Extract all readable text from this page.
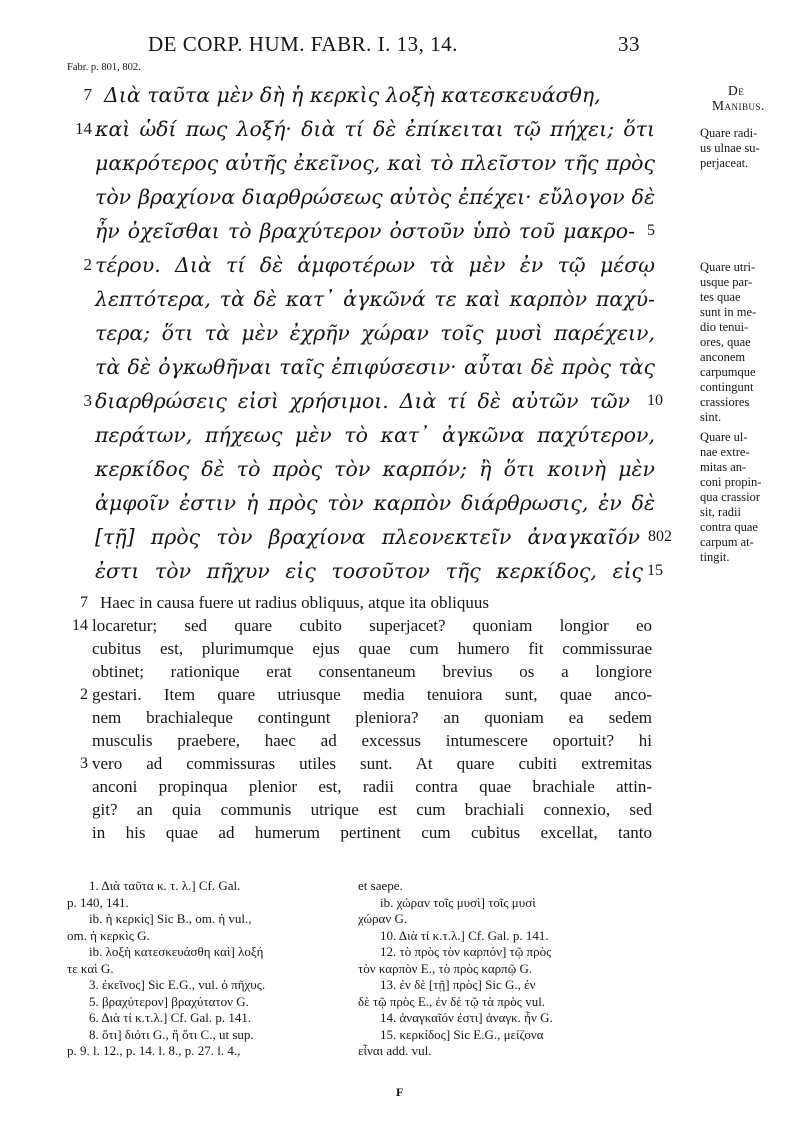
DE CORP. HUM. FABR. I. 13, 14.	33
Fabr. p. 801, 802.
Διὰ ταῦτα μὲν δὴ ἡ κερκὶς λοξὴ κατεσκευάσθη,
καὶ ὡδί πως λοξή· διὰ τί δὲ ἐπίκειται τῷ πήχει; ὅτι
μακρότερος αὐτῆς ἐκεῖνος, καὶ τὸ πλεῖστον τῆς πρὸς
τὸν βραχίονα διαρθρώσεως αὐτὸς ἐπέχει· εὔλογον δὲ
ἦν ὀχεῖσθαι τὸ βραχύτερον ὀστοῦν ὑπὸ τοῦ μακρο-
τέρου. Διὰ τί δὲ ἀμφοτέρων τὰ μὲν ἐν τῷ μέσῳ
λεπτότερα, τὰ δὲ κατ᾽ ἀγκῶνά τε καὶ καρπὸν παχύ-
τερα; ὅτι τὰ μὲν ἐχρῆν χώραν τοῖς μυσὶ παρέχειν,
τὰ δὲ ὀγκωθῆναι ταῖς ἐπιφύσεσιν· αὗται δὲ πρὸς τὰς
διαρθρώσεις εἰσὶ χρήσιμοι. Διὰ τί δὲ αὐτῶν τῶν
περάτων, πήχεως μὲν τὸ κατ᾽ ἀγκῶνα παχύτερον,
κερκίδος δὲ τὸ πρὸς τὸν καρπόν; ἢ ὅτι κοινὴ μὲν
ἀμφοῖν ἐστιν ἡ πρὸς τὸν καρπὸν διάρθρωσις, ἐν δὲ
[τῇ] πρὸς τὸν βραχίονα πλεονεκτεῖν ἀναγκαῖόν
ἐστι τὸν πῆχυν εἰς τοσοῦτον τῆς κερκίδος, εἰς
7
14
2
3
5
10
802
15
De
Manibus.
Quare radi-
us ulnae su-
perjaceat.
Quare utri-
usque par-
tes quae
sunt in me-
dio tenui-
ores, quae
anconem
carpumque
contingunt
crassiores
sint.
Quare ul-
nae extre-
mitas an-
coni propin-
qua crassior
sit, radii
contra quae
carpum at-
tingit.
Haec in causa fuere ut radius obliquus, atque ita obliquus
locaretur; sed quare cubito superjacet? quoniam longior eo
cubitus est, plurimumque ejus quae cum humero fit commissurae
obtinet; rationique erat consentaneum brevius os a longiore
gestari. Item quare utriusque media tenuiora sunt, quae anco-
nem brachialeque contingunt pleniora? an quoniam ea sedem
musculis praebere, haec ad excessus intumescere oportuit? hi
vero ad commissuras utiles sunt. At quare cubiti extremitas
anconi propinqua plenior est, radii contra quae brachiale attin-
git? an quia communis utrique est cum brachiali connexio, sed
in his quae ad humerum pertinent cum cubitus excellat, tanto
7
14
2
3
1. Διὰ ταῦτα κ. τ. λ.] Cf. Gal.
p. 140, 141.
ib. ἡ κερκὶς] Sic B., om. ἡ vul.,
om. ἡ κερκὶς G.
ib. λοξὴ κατεσκευάσθη καὶ] λοξή
τε καὶ G.
3. ἐκεῖνος] Sic E.G., vul. ὁ πῆχυς.
5. βραχύτερον] βραχύτατον G.
6. Διὰ τί κ.τ.λ.] Cf. Gal. p. 141.
8. ὅτι] διότι G., ἢ ὅτι C., ut sup.
p. 9. l. 12., p. 14. l. 8., p. 27. l. 4.,
et saepe.
ib. χώραν τοῖς μυσὶ] τοῖς μυσὶ
χώραν G.
10. Διὰ τί κ.τ.λ.] Cf. Gal. p. 141.
12. τὸ πρὸς τὸν καρπόν] τῷ πρὸς
τὸν καρπὸν E., τὸ πρὸς καρπῷ G.
13. ἐν δὲ [τῇ] πρὸς] Sic G., ἐν
δὲ τῷ πρὸς E., ἐν δὲ τῷ τὰ πρὸς vul.
14. ἀναγκαῖόν ἐστι] ἀναγκ. ἦν G.
15. κερκίδος] Sic E.G., μείζονα
εἶναι add. vul.
F
